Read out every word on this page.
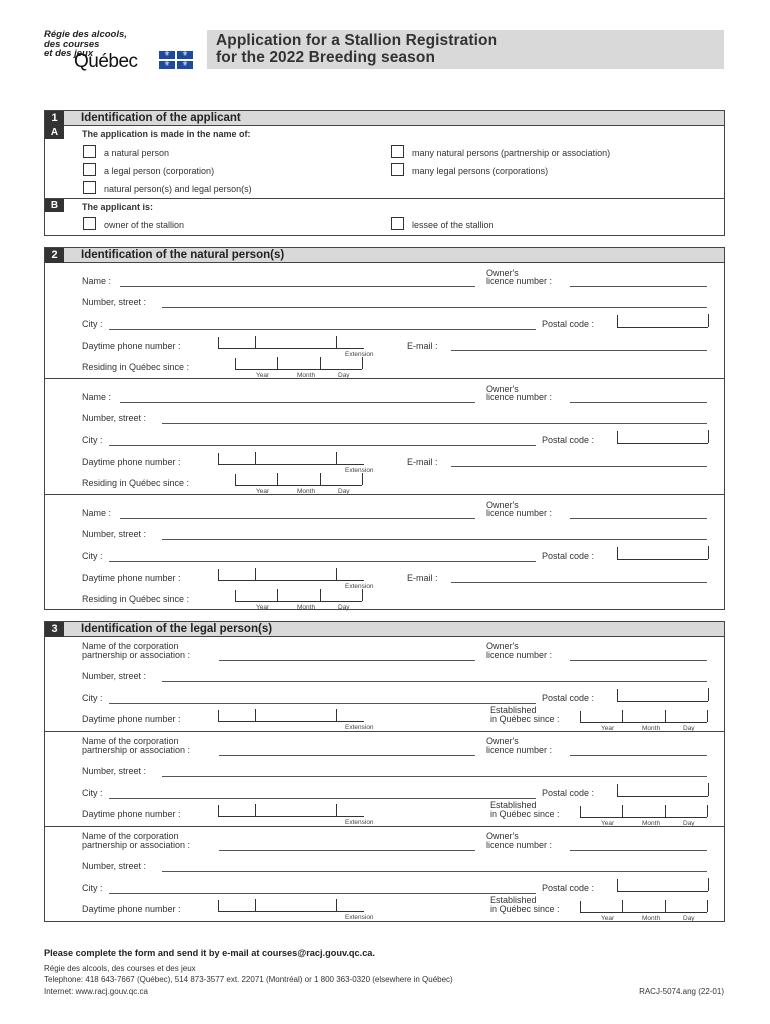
Régie des alcools,
des courses
et des jeux
Québec	⚜	⚜
⚜	⚜
Application for a Stallion Registration
for the 2022 Breeding season
1	Identification of the applicant
A	The application is made in the name of:
a natural person	many natural persons (partnership or association)
a legal person (corporation)	many legal persons (corporations)
natural person(s) and legal person(s)
B	The applicant is:
owner of the stallion	lessee of the stallion
2	Identification of the natural person(s)
Name :
Owner's
licence number :
Number, street :
City :	Postal code :
Daytime phone number :
Extension
E-mail :
Residing in Québec since :
Year	Month	Day
Name :
Owner's
licence number :
Number, street :
City :	Postal code :
Daytime phone number :
Extension
E-mail :
Residing in Québec since :
Year	Month	Day
Name :
Owner's
licence number :
Number, street :
City :	Postal code :
Daytime phone number :
Extension
E-mail :
Residing in Québec since :
Year	Month	Day
3	Identification of the legal person(s)
Name of the corporation
partnership or association :
Owner's
licence number :
Number, street :
City :	Postal code :
Established
in Québec since :
Year	Month	Day
Daytime phone number :
Extension
Name of the corporation
partnership or association :
Owner's
licence number :
Number, street :
City :	Postal code :
Established
in Québec since :
Year	Month	Day
Daytime phone number :
Extension
Name of the corporation
partnership or association :
Owner's
licence number :
Number, street :
City :	Postal code :
Established
in Québec since :
Year	Month	Day
Daytime phone number :
Extension
Please complete the form and send it by e-mail at courses@racj.gouv.qc.ca.
Régie des alcools, des courses et des jeux
Telephone: 418 643-7667 (Québec), 514 873-3577 ext. 22071 (Montréal) or 1 800 363-0320 (elsewhere in Québec)
Internet: www.racj.gouv.qc.ca	RACJ-5074.ang (22-01)
